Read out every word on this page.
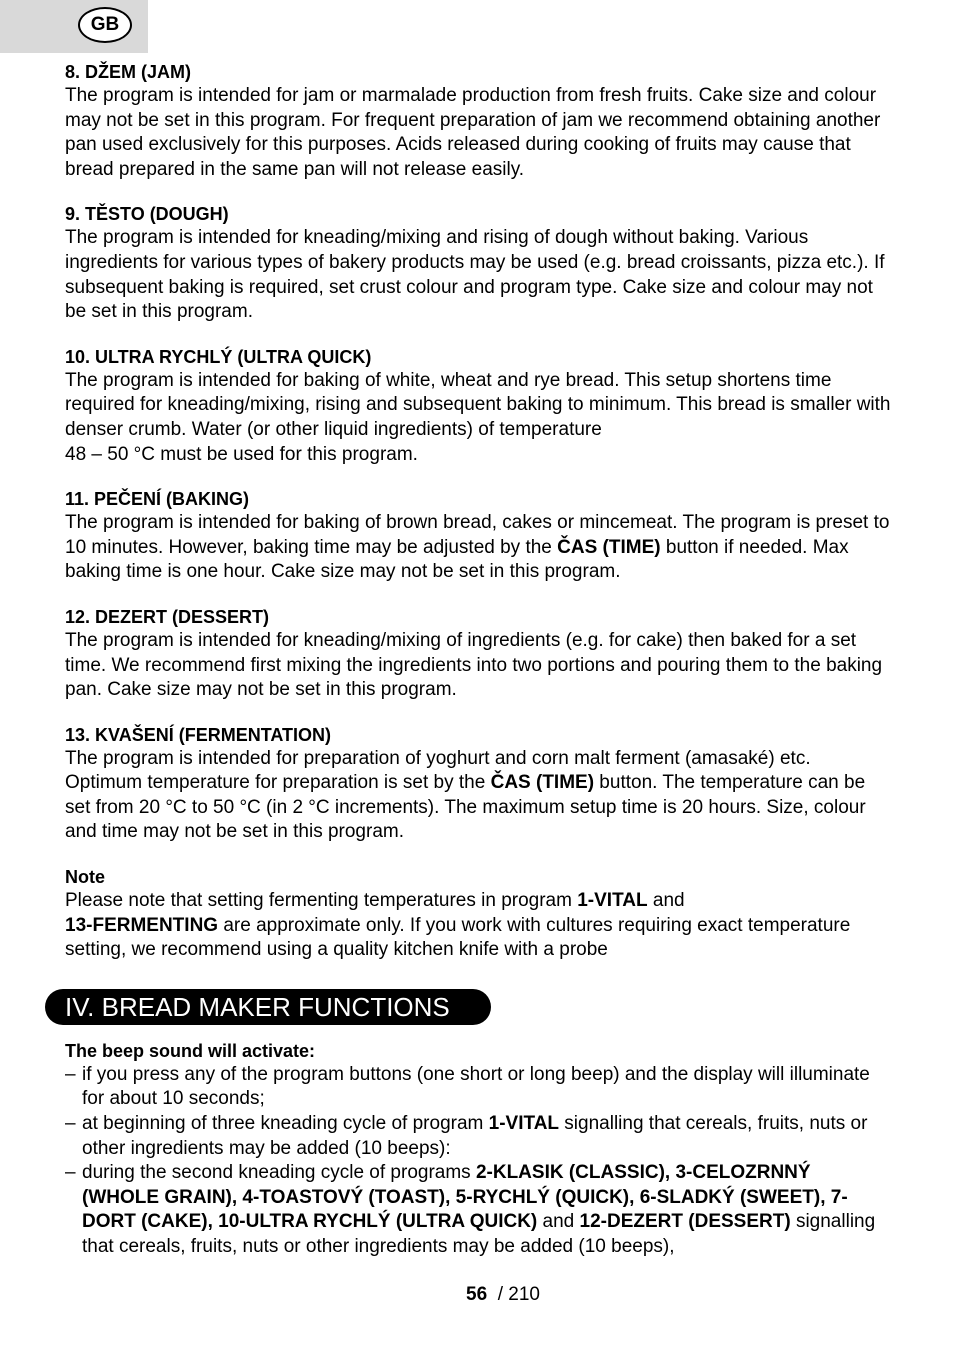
GB
8. DŽEM (JAM)

The program is intended for jam or marmalade production from fresh fruits. Cake size and colour may not be set in this program. For frequent preparation of jam we recommend obtaining another pan used exclusively for this purposes. Acids released during cooking of fruits may cause that bread prepared in the same pan will not release easily.

9. TĚSTO (DOUGH)

The program is intended for kneading/mixing and rising of dough without baking. Various ingredients for various types of bakery products may be used (e.g. bread croissants, pizza etc.). If subsequent baking is required, set crust colour and program type. Cake size and colour may not be set in this program.

10. ULTRA RYCHLÝ (ULTRA QUICK)

The program is intended for baking of white, wheat and rye bread. This setup shortens time required for kneading/mixing, rising and subsequent baking to minimum. This bread is smaller with denser crumb. Water (or other liquid ingredients) of temperature

48 – 50 °C must be used for this program.

11. PEČENÍ (BAKING)

The program is intended for baking of brown bread, cakes or mincemeat. The program is preset to 10 minutes. However, baking time may be adjusted by the ČAS (TIME) button if needed. Max baking time is one hour. Cake size may not be set in this program.

12. DEZERT (DESSERT)

The program is intended for kneading/mixing of ingredients (e.g. for cake) then baked for a set time. We recommend first mixing the ingredients into two portions and pouring them to the baking pan. Cake size may not be set in this program.

13. KVAŠENÍ (FERMENTATION)

The program is intended for preparation of yoghurt and corn malt ferment (amasaké) etc. Optimum temperature for preparation is set by the ČAS (TIME) button. The temperature can be set from 20 °C to 50 °C (in 2 °C increments). The maximum setup time is 20 hours. Size, colour and time may not be set in this program.

Note

Please note that setting fermenting temperatures in program 1-VITAL and
13-FERMENTING are approximate only. If you work with cultures requiring exact temperature setting, we recommend using a quality kitchen knife with a probe

IV. BREAD MAKER FUNCTIONS
The beep sound will activate:
– if you press any of the program buttons (one short or long beep) and the display will illuminate for about 10 seconds;
– at beginning of three kneading cycle of program 1-VITAL signalling that cereals, fruits, nuts or other ingredients may be added (10 beeps):
– during the second kneading cycle of programs 2-KLASIK (CLASSIC), 3-CELOZRNNÝ (WHOLE GRAIN), 4-TOASTOVÝ (TOAST), 5-RYCHLÝ (QUICK), 6-SLADKÝ (SWEET), 7-DORT (CAKE), 10-ULTRA RYCHLÝ (ULTRA QUICK) and 12-DEZERT (DESSERT) signalling that cereals, fruits, nuts or other ingredients may be added (10 beeps),
56 / 210
